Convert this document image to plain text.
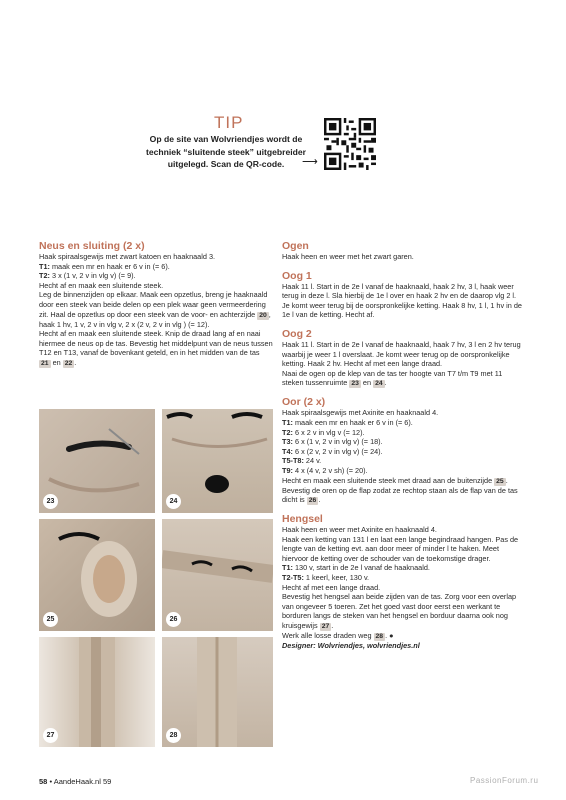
TIP
Op de site van Wolvriendjes wordt de
techniek “sluitende steek” uitgebreider
uitgelegd. Scan de QR-code.	⟶

Neus en sluiting (2 x)

Haak spiraalsgewijs met zwart katoen en haaknaald 3.

T1: maak een mr en haak er 6 v in (= 6).

T2: 3 x (1 v, 2 v in vlg v) (= 9).

Hecht af en maak een sluitende steek.

Leg de binnenzijden op elkaar. Maak een opzetlus, breng je haaknaald door een steek van beide delen op een plek waar geen vermeerdering zit. Haal de opzetlus op door een steek van de voor- en achterzijde 20 , haak 1 hv, 1 v, 2 v in vlg v, 2 x (2 v, 2 v in vlg ) (= 12).

Hecht af en maak een sluitende steek. Knip de draad lang af en naai hiermee de neus op de tas. Bevestig het middelpunt van de neus tussen T12 en T13, vanaf de bovenkant geteld, en in het midden van de tas 21 en 22 .

23	24
25	26
27	28

Ogen

Haak heen en weer met het zwart garen.

Oog 1

Haak 11 l. Start in de 2e l vanaf de haaknaald, haak 2 hv, 3 l, haak weer terug in deze l. Sla hierbij de 1e l over en haak 2 hv en de daarop vlg 2 l. Je komt weer terug bij de oorspronkelijke ketting. Haak 8 hv, 1 l, 1 hv in de 1e l van de ketting. Hecht af.

Oog 2

Haak 11 l. Start in de 2e l vanaf de haaknaald, haak 7 hv, 3 l en 2 hv terug waarbij je weer 1 l overslaat. Je komt weer terug op de oorspronkelijke ketting. Haak 2 hv. Hecht af met een lange draad.

Naai de ogen op de klep van de tas ter hoogte van T7 t/m T9 met 11 steken tussenruimte 23 en 24 .

Oor (2 x)

Haak spiraalsgewijs met Axinite en haaknaald 4.

T1: maak een mr en haak er 6 v in (= 6).

T2: 6 x 2 v in vlg v (= 12).

T3: 6 x (1 v, 2 v in vlg v) (= 18).

T4: 6 x (2 v, 2 v in vlg v) (= 24).

T5-T8: 24 v.

T9: 4 x (4 v, 2 v sh) (= 20).

Hecht en maak een sluitende steek met draad aan de buitenzijde 25 . Bevestig de oren op de flap zodat ze rechtop staan als de flap van de tas dicht is 26 .

Hengsel

Haak heen en weer met Axinite en haaknaald 4.

Haak een ketting van 131 l en laat een lange begindraad hangen. Pas de lengte van de ketting evt. aan door meer of minder l te haken. Meet hiervoor de ketting over de schouder van de toekomstige drager.

T1: 130 v, start in de 2e l vanaf de haaknaald.

T2-T5: 1 keerl, keer, 130 v.

Hecht af met een lange draad.

Bevestig het hengsel aan beide zijden van de tas. Zorg voor een overlap van ongeveer 5 toeren. Zet het goed vast door eerst een werkant te borduren langs de steken van het hengsel en borduur daarna ook nog kruisgewijs 27 .

Werk alle losse draden weg 28 . ●

Designer: Wolvriendjes, wolvriendjes.nl

58 • AandeHaak.nl 59	PassionForum.ru
